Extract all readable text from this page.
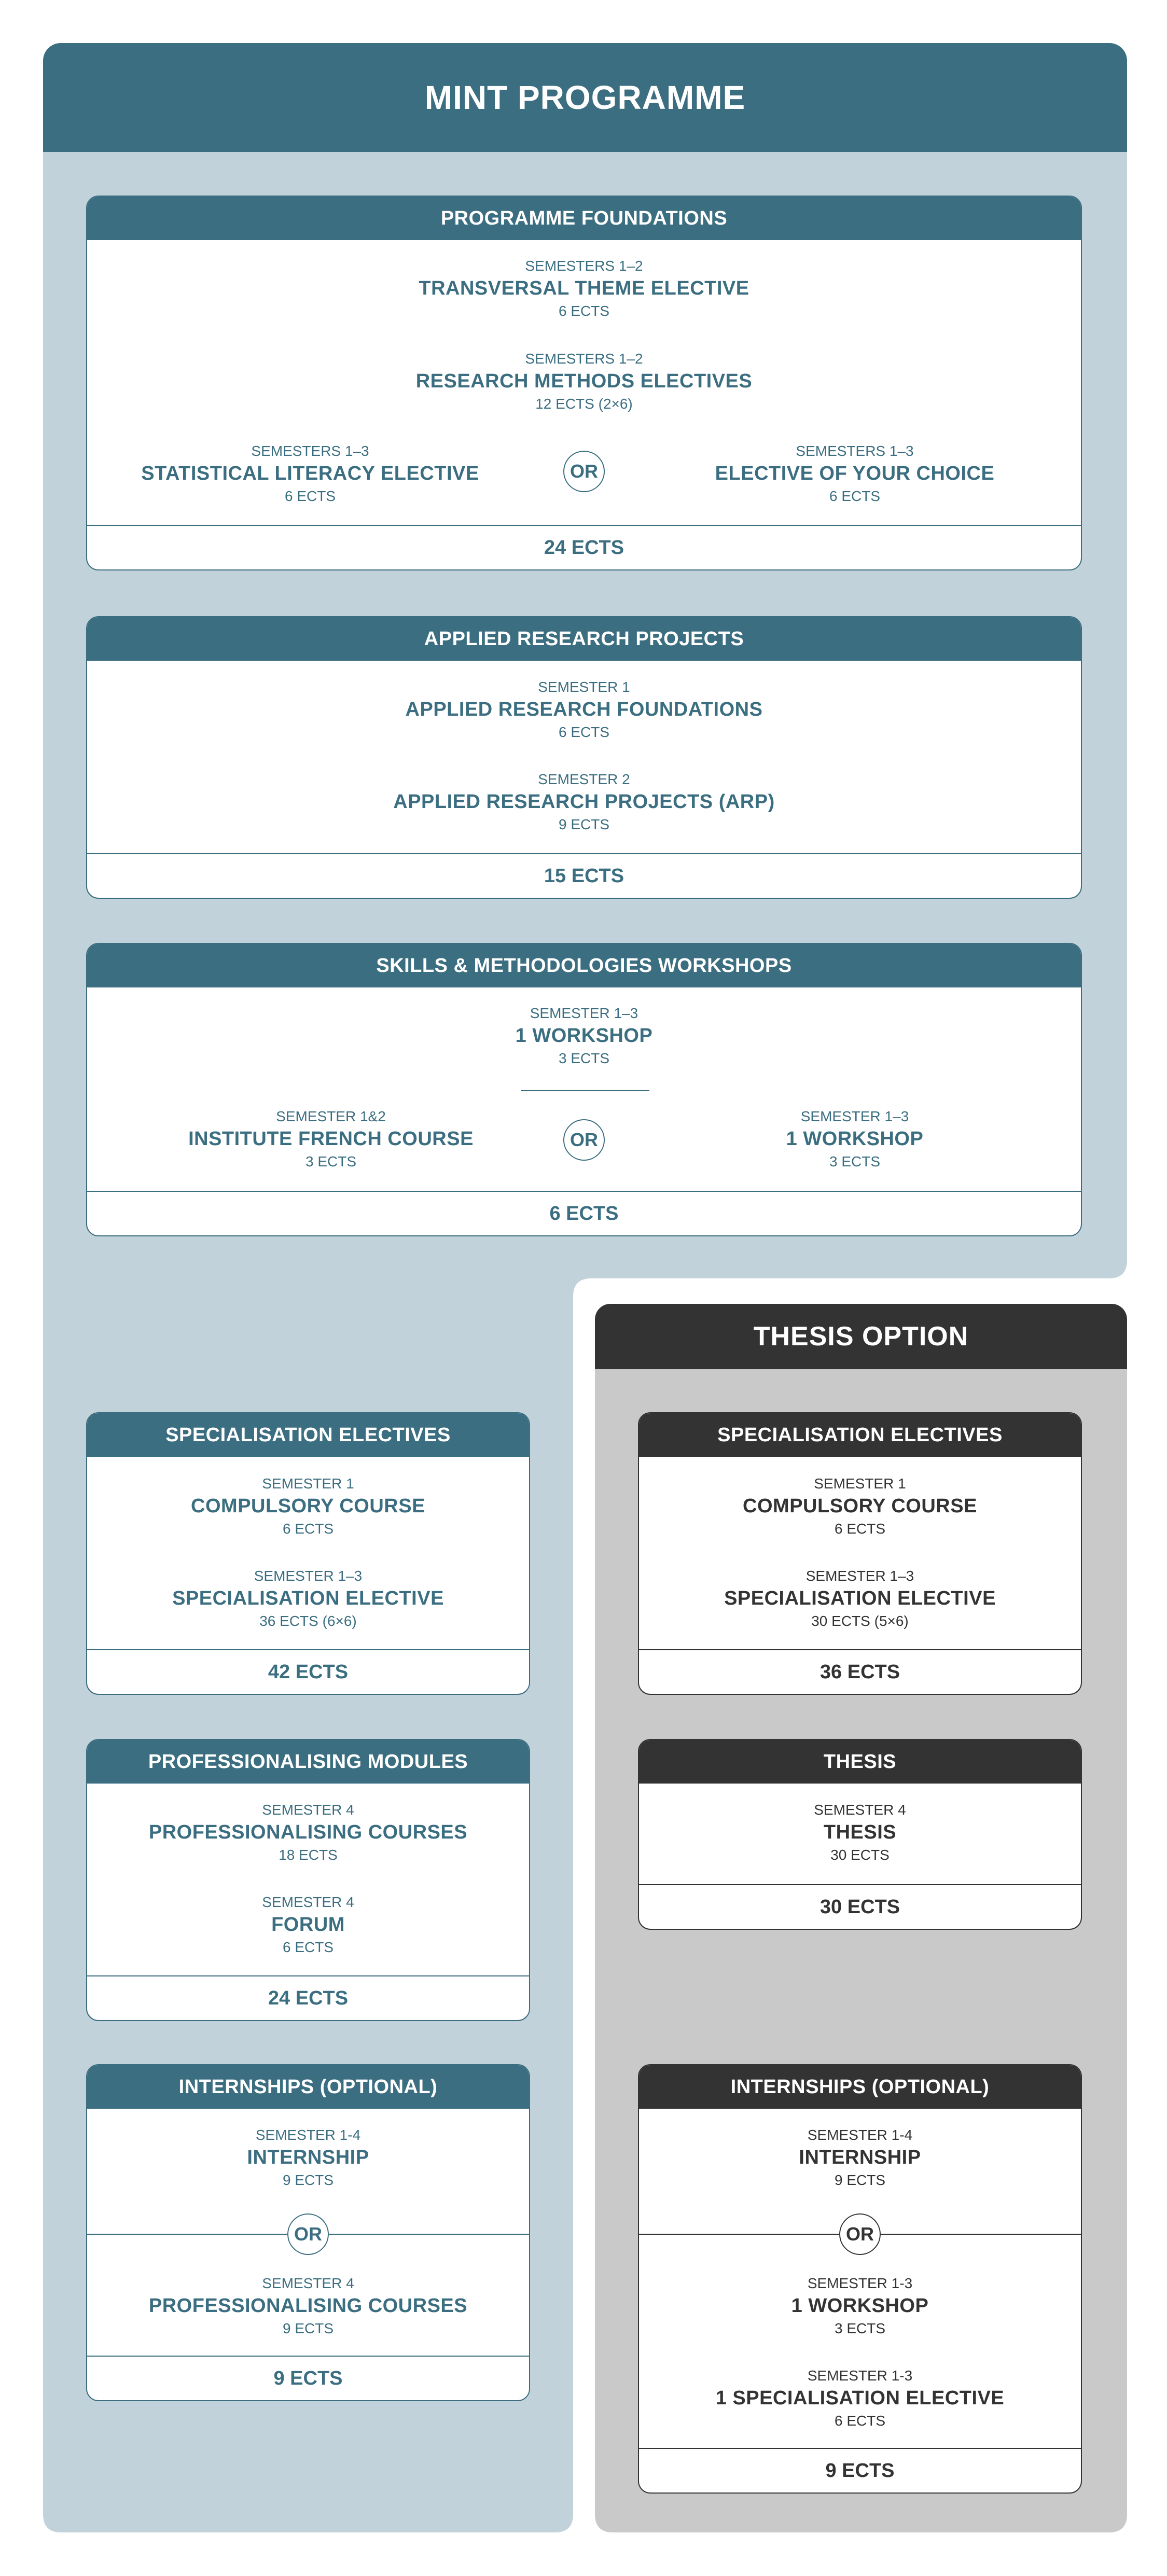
MINT PROGRAMME
THESIS OPTION
PROGRAMME FOUNDATIONS
SEMESTERS 1–2
TRANSVERSAL THEME ELECTIVE
6 ECTS
SEMESTERS 1–2
RESEARCH METHODS ELECTIVES
12 ECTS (2×6)
SEMESTERS 1–3
STATISTICAL LITERACY ELECTIVE
6 ECTS
OR
SEMESTERS 1–3
ELECTIVE OF YOUR CHOICE
6 ECTS
24 ECTS
APPLIED RESEARCH PROJECTS
SEMESTER 1
APPLIED RESEARCH FOUNDATIONS
6 ECTS
SEMESTER 2
APPLIED RESEARCH PROJECTS (ARP)
9 ECTS
15 ECTS
SKILLS & METHODOLOGIES WORKSHOPS
SEMESTER 1–3
1 WORKSHOP
3 ECTS
SEMESTER 1&2
INSTITUTE FRENCH COURSE
3 ECTS
OR
SEMESTER 1–3
1 WORKSHOP
3 ECTS
6 ECTS
SPECIALISATION ELECTIVES
SEMESTER 1
COMPULSORY COURSE
6 ECTS
SEMESTER 1–3
SPECIALISATION ELECTIVE
36 ECTS (6×6)
42 ECTS
PROFESSIONALISING MODULES
SEMESTER 4
PROFESSIONALISING COURSES
18 ECTS
SEMESTER 4
FORUM
6 ECTS
24 ECTS
INTERNSHIPS (OPTIONAL)
SEMESTER 1-4
INTERNSHIP
9 ECTS
OR
SEMESTER 4
PROFESSIONALISING COURSES
9 ECTS
9 ECTS
SPECIALISATION ELECTIVES
SEMESTER 1
COMPULSORY COURSE
6 ECTS
SEMESTER 1–3
SPECIALISATION ELECTIVE
30 ECTS (5×6)
36 ECTS
THESIS
SEMESTER 4
THESIS
30 ECTS
30 ECTS
INTERNSHIPS (OPTIONAL)
SEMESTER 1-4
INTERNSHIP
9 ECTS
OR
SEMESTER 1-3
1 WORKSHOP
3 ECTS
SEMESTER 1-3
1 SPECIALISATION ELECTIVE
6 ECTS
9 ECTS
